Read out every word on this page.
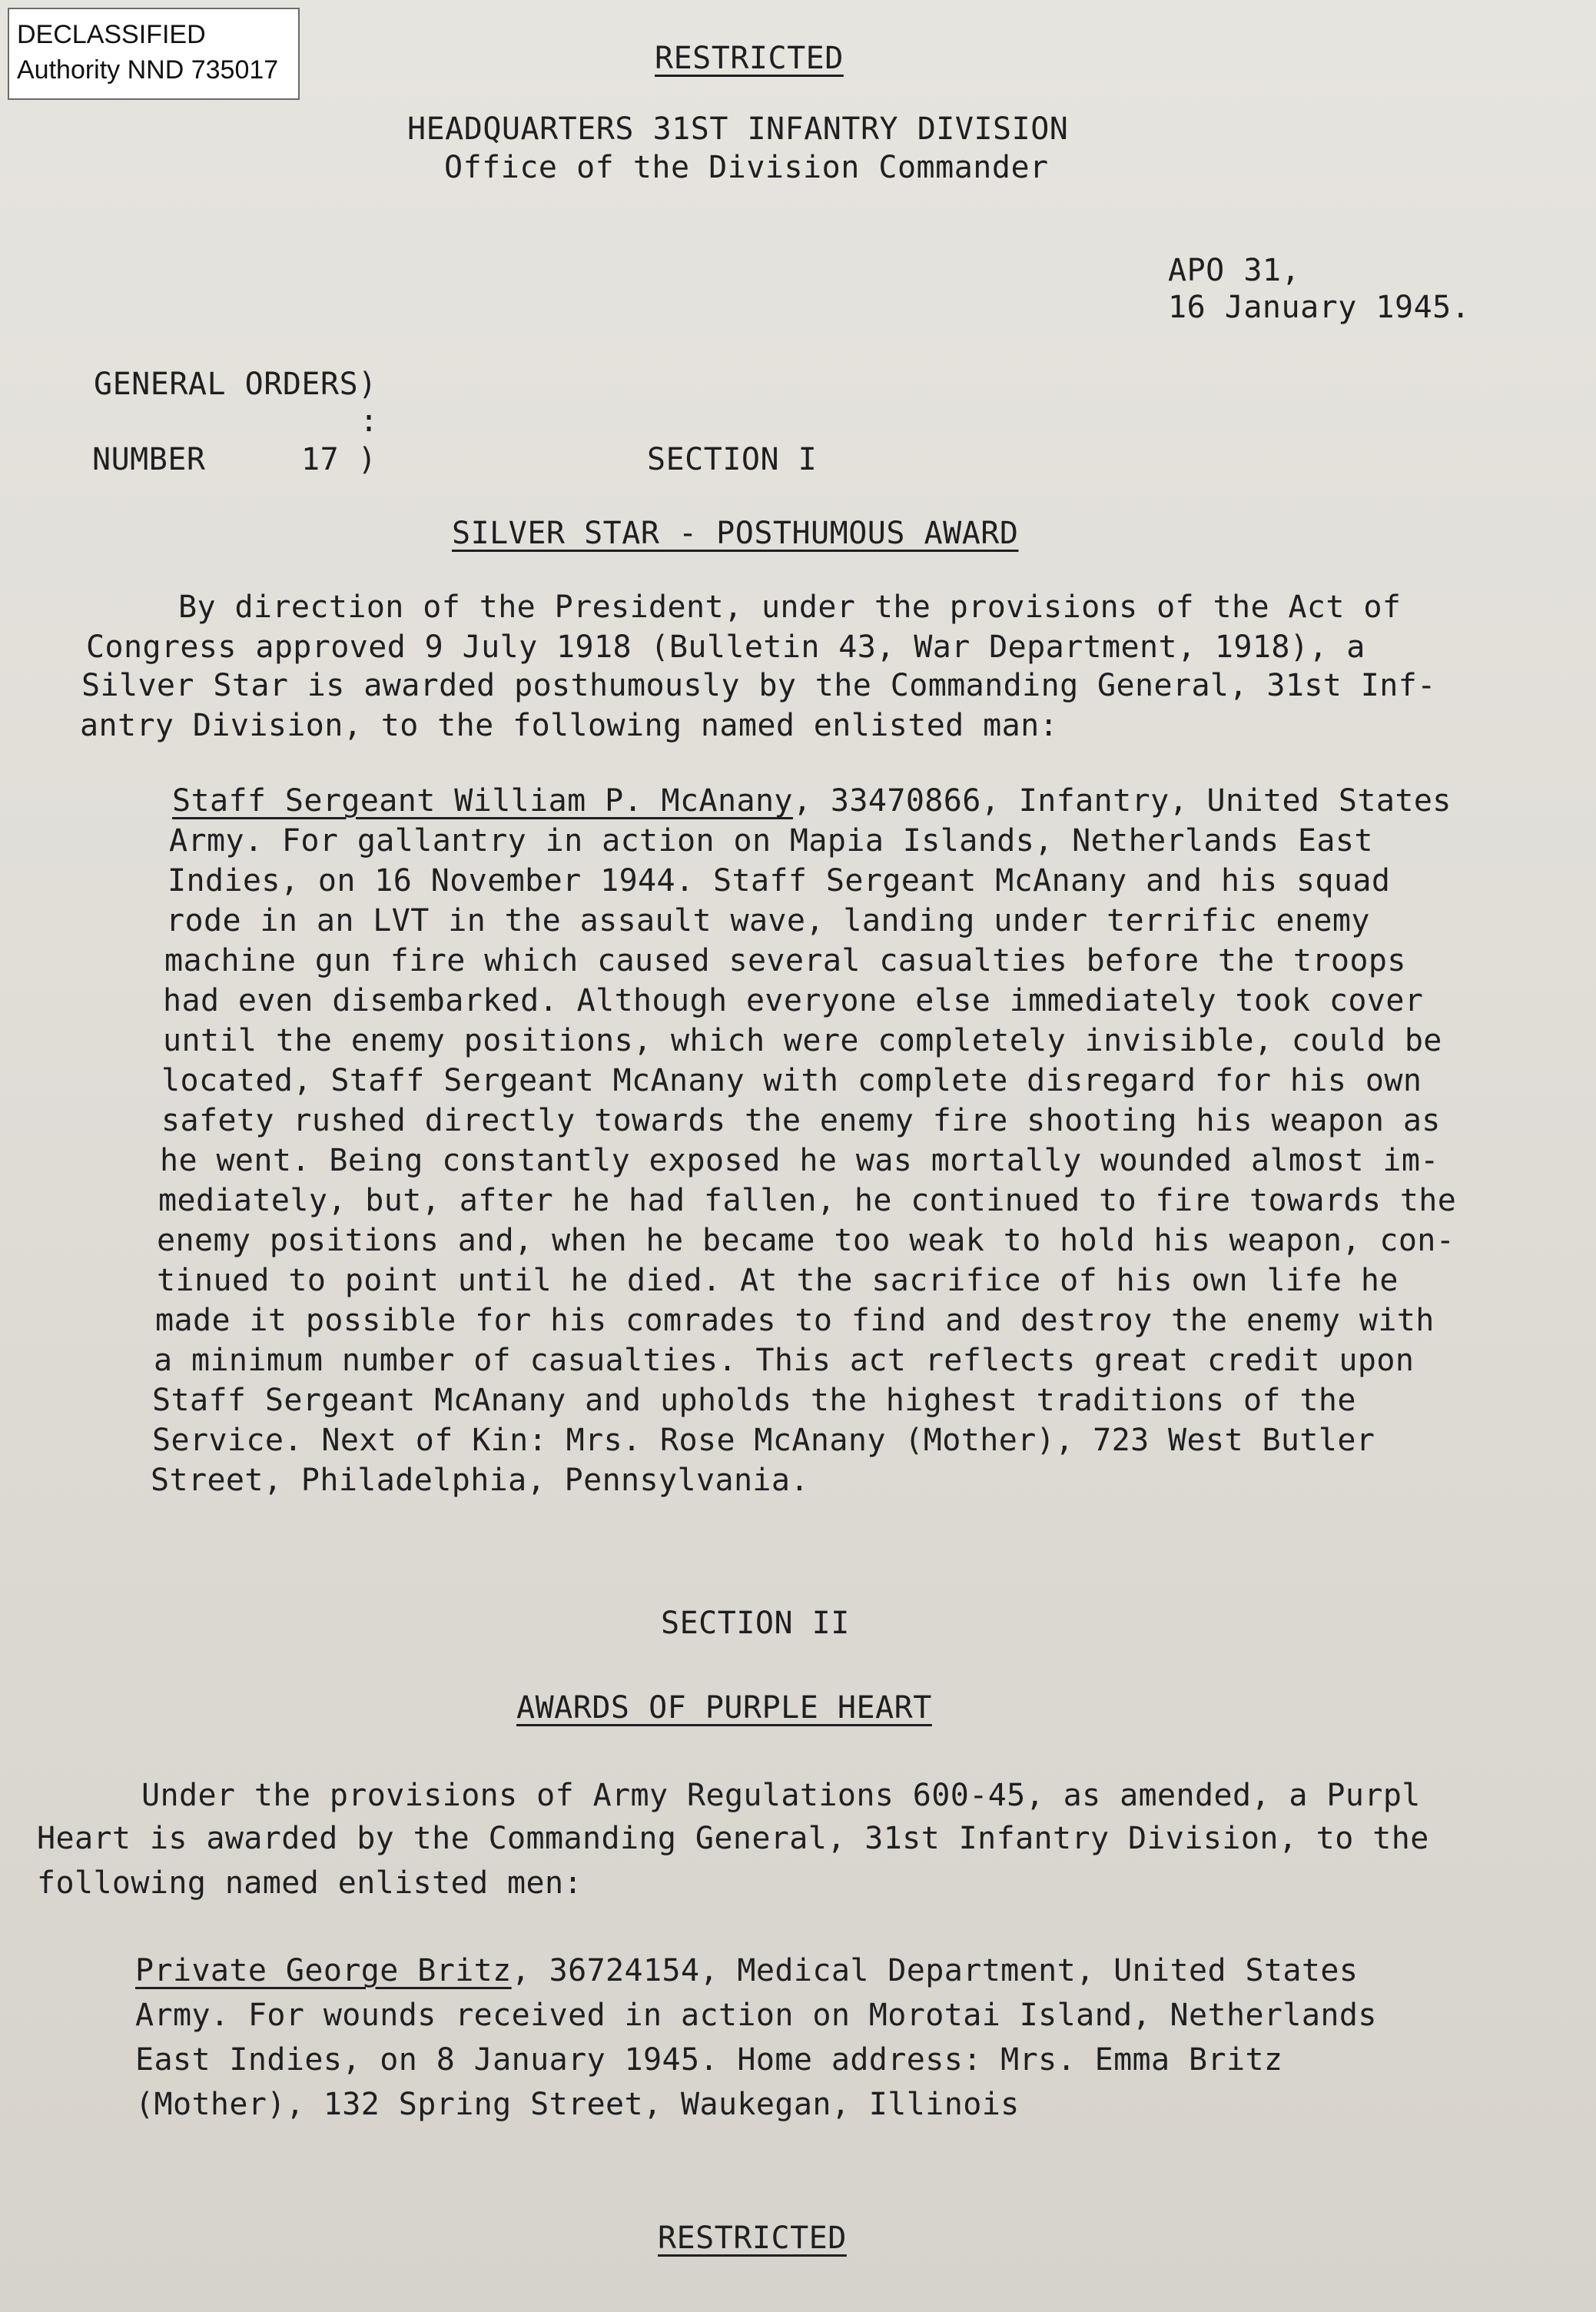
DECLASSIFIED
Authority NND 735017	RESTRICTED
HEADQUARTERS 31ST INFANTRY DIVISION
Office of the Division Commander
APO 31,
16 January 1945.
GENERAL ORDERS)
:
NUMBER	17 )	SECTION I
SILVER STAR - POSTHUMOUS AWARD
By direction of the President, under the provisions of the Act of
Congress approved 9 July 1918 (Bulletin 43, War Department, 1918), a
Silver Star is awarded posthumously by the Commanding General, 31st Inf-
antry Division, to the following named enlisted man:
Staff Sergeant William P. McAnany, 33470866, Infantry, United States
Army. For gallantry in action on Mapia Islands, Netherlands East
Indies, on 16 November 1944. Staff Sergeant McAnany and his squad
rode in an LVT in the assault wave, landing under terrific enemy
machine gun fire which caused several casualties before the troops
had even disembarked. Although everyone else immediately took cover
until the enemy positions, which were completely invisible, could be
located, Staff Sergeant McAnany with complete disregard for his own
safety rushed directly towards the enemy fire shooting his weapon as
he went. Being constantly exposed he was mortally wounded almost im-
mediately, but, after he had fallen, he continued to fire towards the
enemy positions and, when he became too weak to hold his weapon, con-
tinued to point until he died. At the sacrifice of his own life he
made it possible for his comrades to find and destroy the enemy with
a minimum number of casualties. This act reflects great credit upon
Staff Sergeant McAnany and upholds the highest traditions of the
Service. Next of Kin: Mrs. Rose McAnany (Mother), 723 West Butler
Street, Philadelphia, Pennsylvania.
SECTION II
AWARDS OF PURPLE HEART
Under the provisions of Army Regulations 600-45, as amended, a Purpl
Heart is awarded by the Commanding General, 31st Infantry Division, to the
following named enlisted men:
Private George Britz, 36724154, Medical Department, United States
Army. For wounds received in action on Morotai Island, Netherlands
East Indies, on 8 January 1945. Home address: Mrs. Emma Britz
(Mother), 132 Spring Street, Waukegan, Illinois
RESTRICTED
